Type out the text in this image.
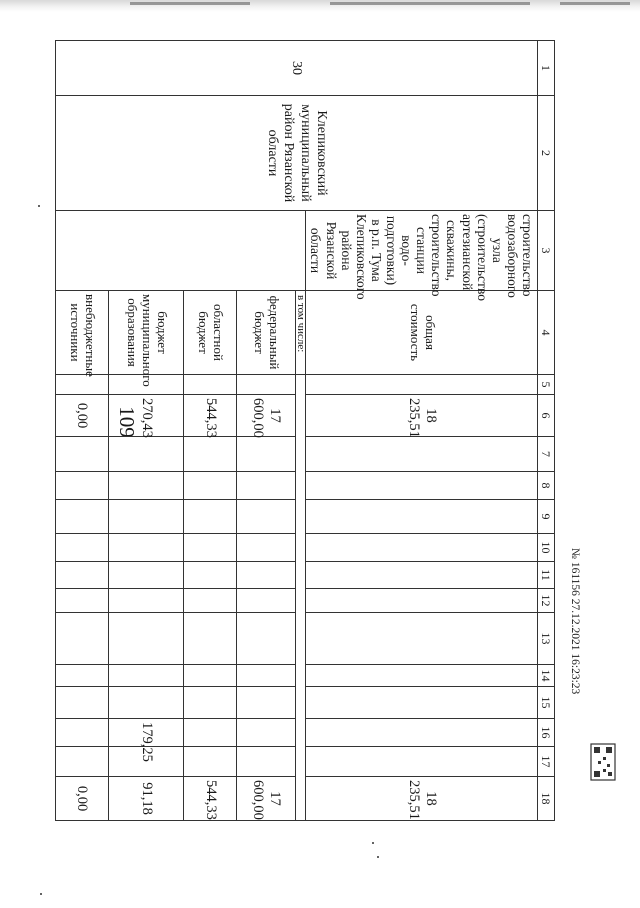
109
1	2	3	4	5	6	7	8	9	10	11	12	13	14	15	16	17	18
30	Клепиковский муниципальный район Рязанской области	строительство водозаборного узла (строительство артезианской скважины, строительство станции водо-подготовки) в р.п. Тума Клепиковского района Рязанской области	общая стоимость		18 235,51												18 235,51

			в том числе:														
			федеральный бюджет		17 600,00												17 600,00
			областной бюджет		544,33												544,33
			бюджет муниципального образования		270,43										179,25		91,18
			внебюджетные источники		0,00												0,00
№ 161156 27.12.2021 16:23:23
